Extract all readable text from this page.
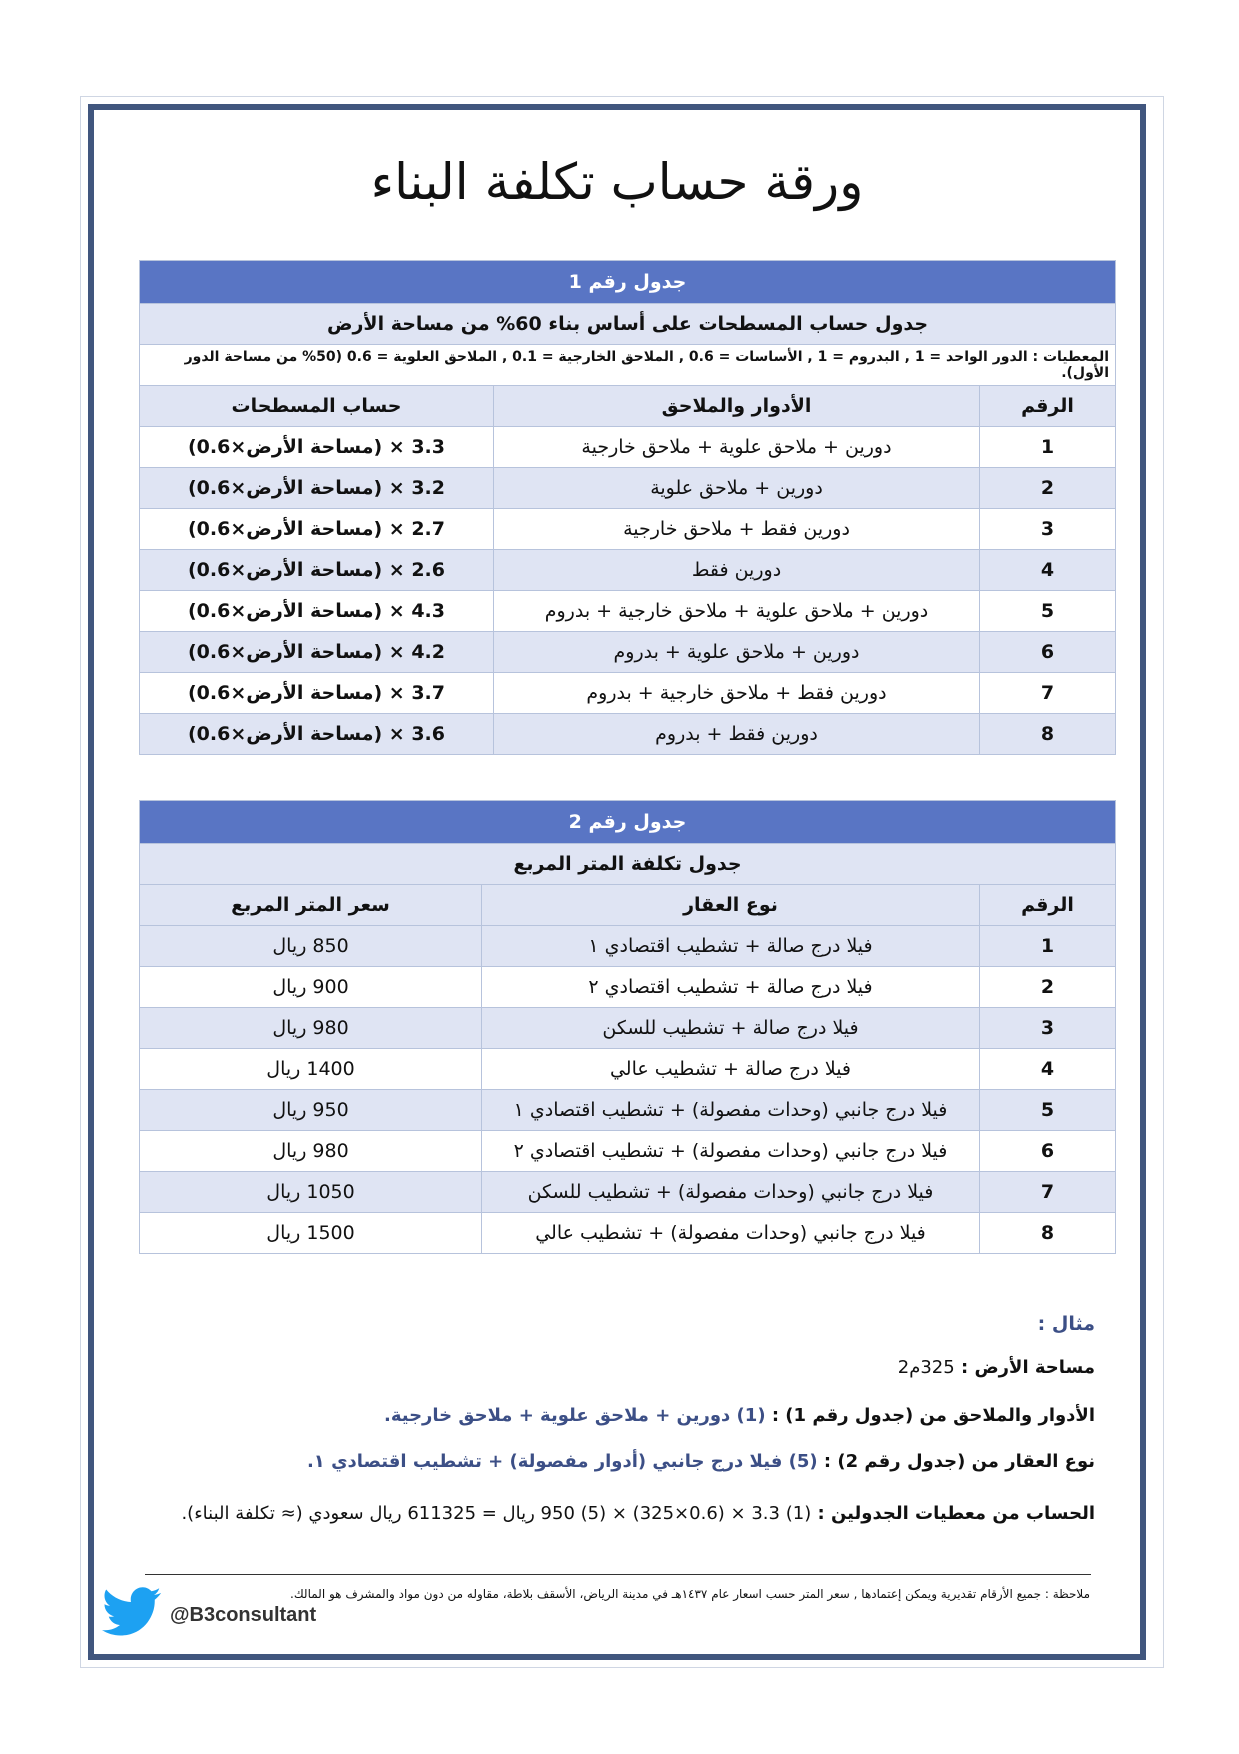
ورقة حساب تكلفة البناء
جدول رقم 1		
جدول حساب المسطحات على أساس بناء 60% من مساحة الأرض		
المعطيات : الدور الواحد = 1 , البدروم = 1 , الأساسات = 0.6 , الملاحق الخارجية = 0.1 , الملاحق العلوية = 0.6 (50% من مساحة الدور الأول).		
الرقم	الأدوار والملاحق	حساب المسطحات
1	دورين + ملاحق علوية + ملاحق خارجية	3.3 × (مساحة الأرض×0.6)
2	دورين + ملاحق علوية	3.2 × (مساحة الأرض×0.6)
3	دورين فقط + ملاحق خارجية	2.7 × (مساحة الأرض×0.6)
4	دورين فقط	2.6 × (مساحة الأرض×0.6)
5	دورين + ملاحق علوية + ملاحق خارجية + بدروم	4.3 × (مساحة الأرض×0.6)
6	دورين + ملاحق علوية + بدروم	4.2 × (مساحة الأرض×0.6)
7	دورين فقط + ملاحق خارجية + بدروم	3.7 × (مساحة الأرض×0.6)
8	دورين فقط + بدروم	3.6 × (مساحة الأرض×0.6)
جدول رقم 2		
جدول تكلفة المتر المربع		
الرقم	نوع العقار	سعر المتر المربع
1	فيلا درج صالة + تشطيب اقتصادي ١	850 ريال
2	فيلا درج صالة + تشطيب اقتصادي ٢	900 ريال
3	فيلا درج صالة + تشطيب للسكن	980 ريال
4	فيلا درج صالة + تشطيب عالي	1400 ريال
5	فيلا درج جانبي (وحدات مفصولة) + تشطيب اقتصادي ١	950 ريال
6	فيلا درج جانبي (وحدات مفصولة) + تشطيب اقتصادي ٢	980 ريال
7	فيلا درج جانبي (وحدات مفصولة) + تشطيب للسكن	1050 ريال
8	فيلا درج جانبي (وحدات مفصولة) + تشطيب عالي	1500 ريال
مثال :
مساحة الأرض : 325م2
الأدوار والملاحق من (جدول رقم 1) : (1) دورين + ملاحق علوية + ملاحق خارجية.
نوع العقار من (جدول رقم 2) : (5) فيلا درج جانبي (أدوار مفصولة) + تشطيب اقتصادي ١.
الحساب من معطيات الجدولين : (1) 3.3 × (0.6×325) × (5) 950 ريال = 611325 ريال سعودي (≈ تكلفة البناء).
ملاحظة : جميع الأرقام تقديرية ويمكن إعتمادها , سعر المتر حسب اسعار عام ١٤٣٧هـ في مدينة الرياض، الأسقف بلاطة، مقاوله من دون مواد والمشرف هو المالك.
@B3consultant
